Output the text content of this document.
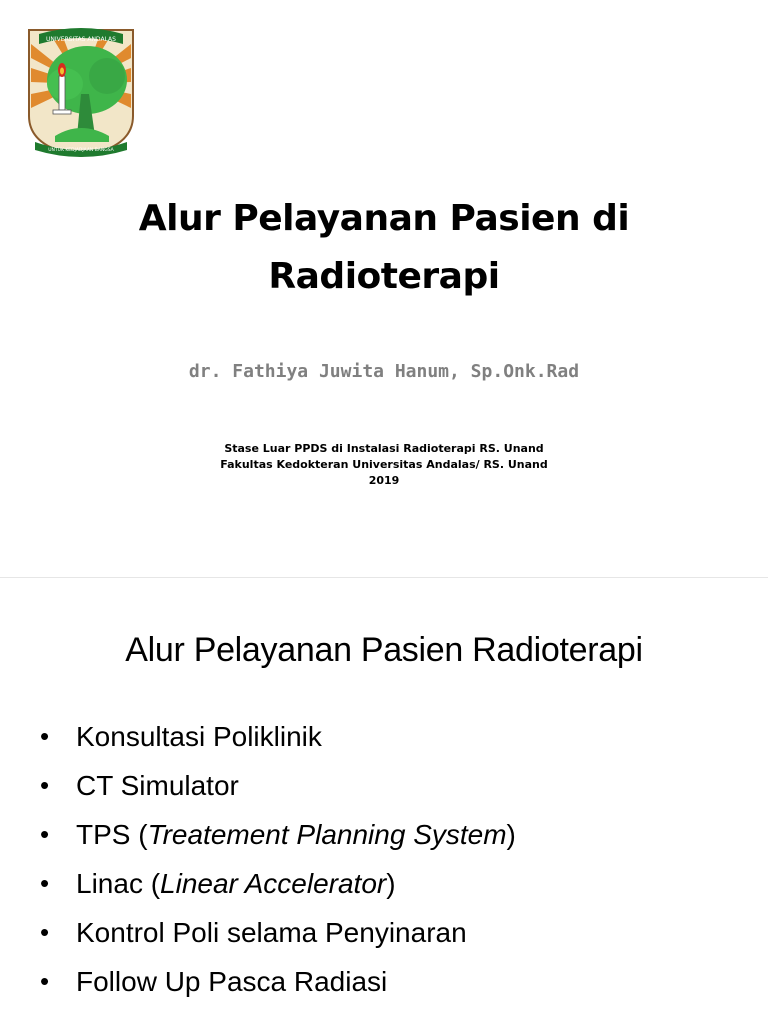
UNIVERSITAS ANDALAS
UNTUK KEDJADJAAN BANGSA
Alur Pelayanan Pasien di
Radioterapi
dr. Fathiya Juwita Hanum, Sp.Onk.Rad
Stase Luar PPDS di Instalasi Radioterapi RS. Unand
Fakultas Kedokteran Universitas Andalas/ RS. Unand
2019
Alur Pelayanan Pasien Radioterapi
• Konsultasi Poliklinik
• CT Simulator
• TPS (Treatement Planning System)
• Linac (Linear Accelerator)
• Kontrol Poli selama Penyinaran
• Follow Up Pasca Radiasi
